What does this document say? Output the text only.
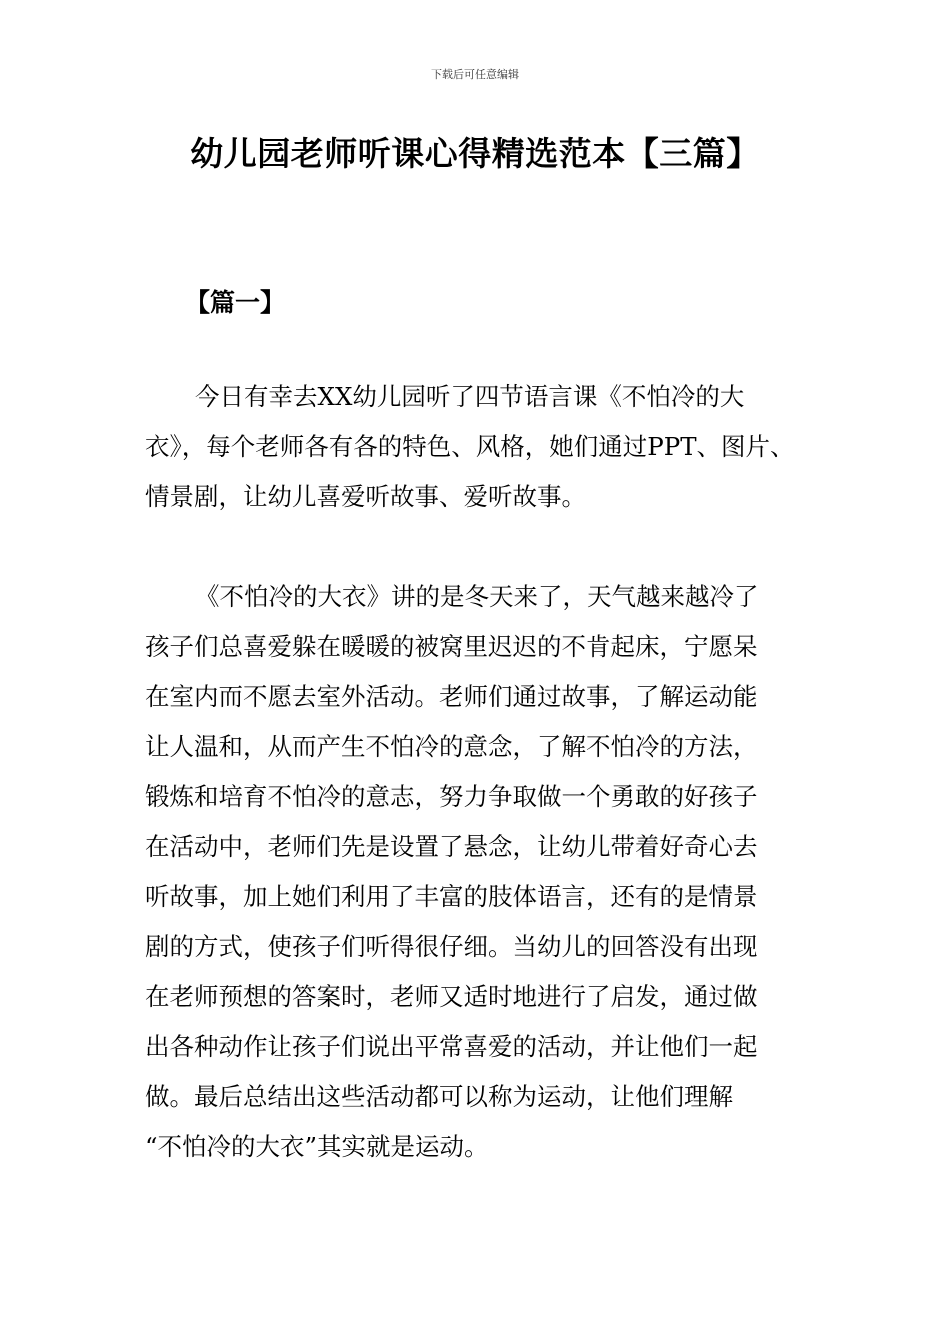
下载后可任意编辑
幼儿园老师听课心得精选范本【三篇】
【篇一】
今日有幸去XX幼儿园听了四节语言课《不怕冷的大
衣》，每个老师各有各的特色、风格，她们通过PPT、图片、
情景剧，让幼儿喜爱听故事、爱听故事。
《不怕冷的大衣》讲的是冬天来了，天气越来越冷了
孩子们总喜爱躲在暖暖的被窝里迟迟的不肯起床，宁愿呆
在室内而不愿去室外活动。老师们通过故事，了解运动能
让人温和，从而产生不怕冷的意念，了解不怕冷的方法，
锻炼和培育不怕冷的意志，努力争取做一个勇敢的好孩子
在活动中，老师们先是设置了悬念，让幼儿带着好奇心去
听故事，加上她们利用了丰富的肢体语言，还有的是情景
剧的方式，使孩子们听得很仔细。当幼儿的回答没有出现
在老师预想的答案时，老师又适时地进行了启发，通过做
出各种动作让孩子们说出平常喜爱的活动，并让他们一起
做。最后总结出这些活动都可以称为运动，让他们理解
“不怕冷的大衣”其实就是运动。
